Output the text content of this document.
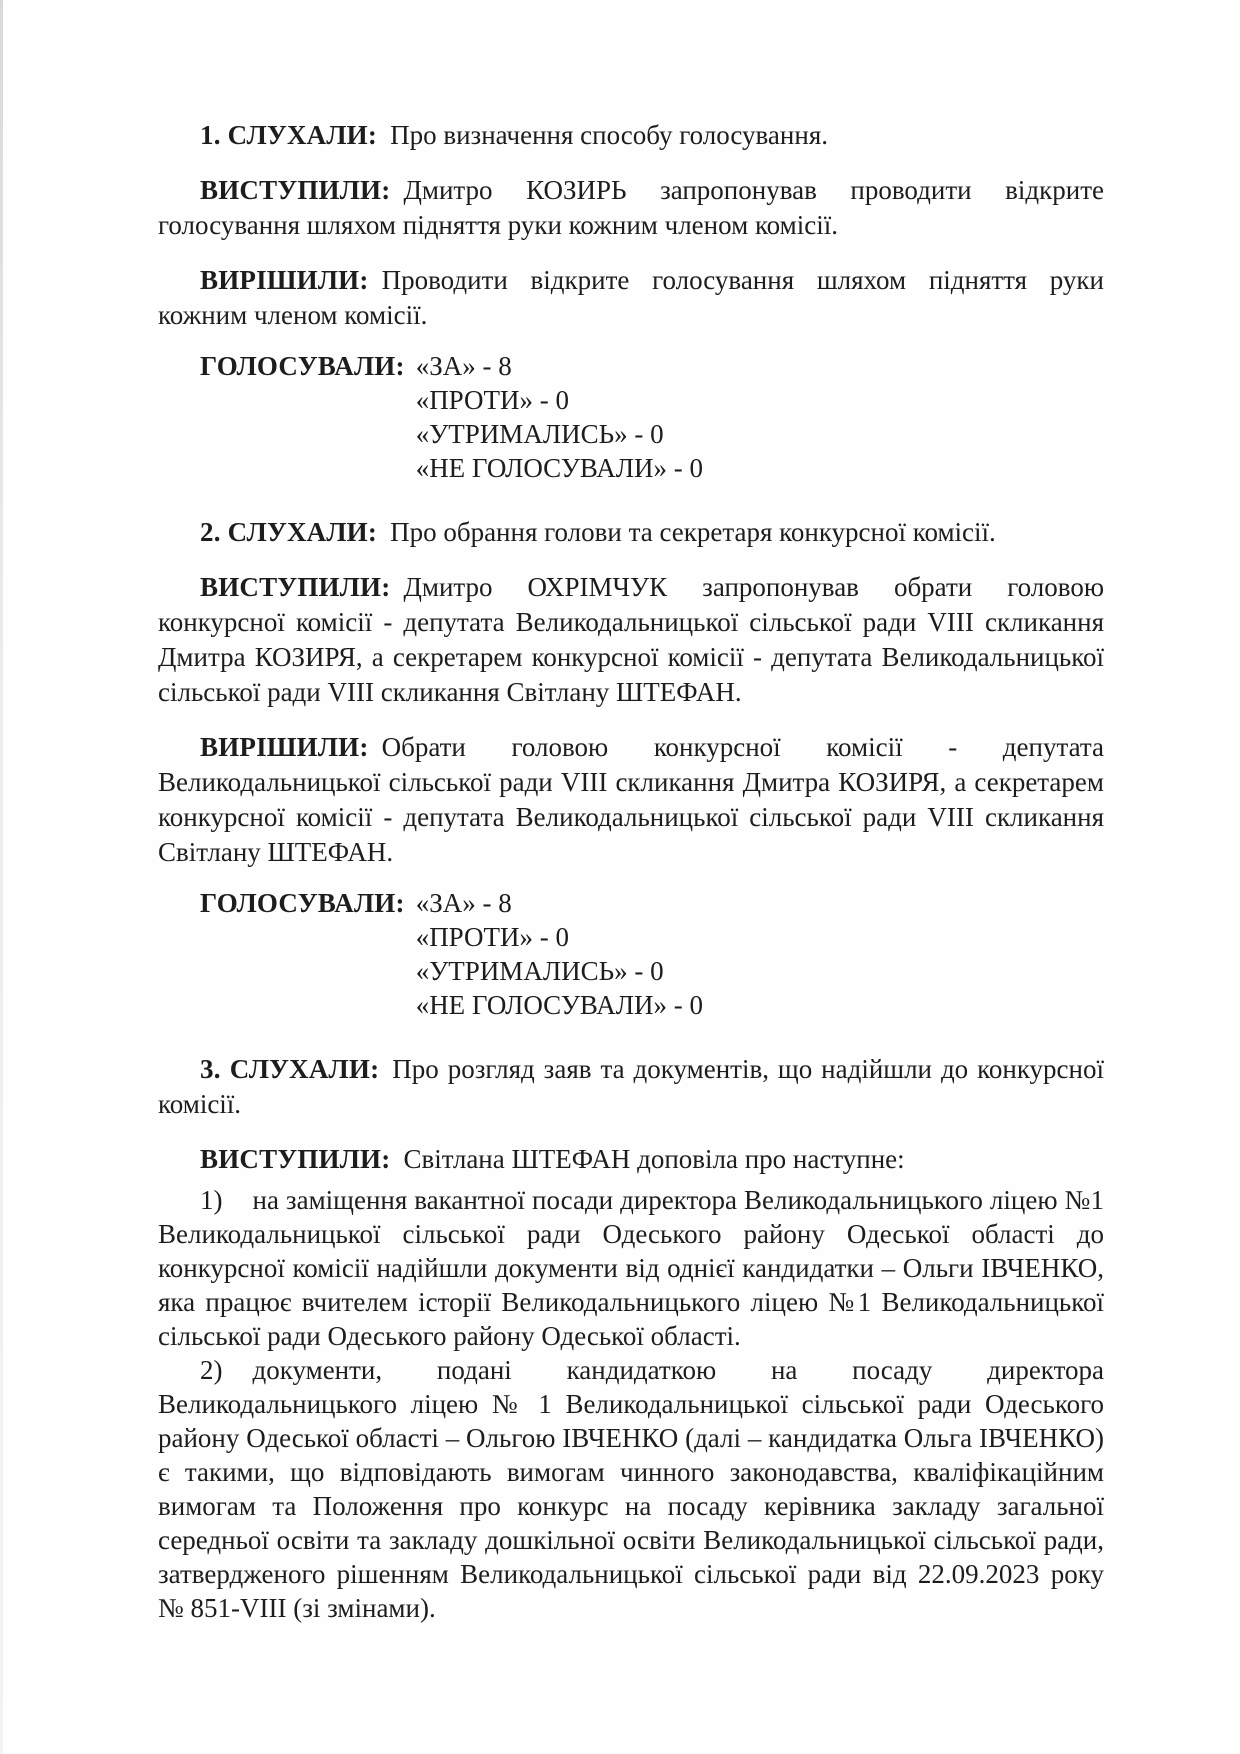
1. СЛУХАЛИ: Про визначення способу голосування.

ВИСТУПИЛИ: Дмитро КОЗИРЬ запропонував проводити відкрите голосування шляхом підняття руки кожним членом комісії.

ВИРІШИЛИ: Проводити відкрите голосування шляхом підняття руки кожним членом комісії.

ГОЛОСУВАЛИ: «ЗА» - 8
«ПРОТИ» - 0
«УТРИМАЛИСЬ» - 0
«НЕ ГОЛОСУВАЛИ» - 0

2. СЛУХАЛИ: Про обрання голови та секретаря конкурсної комісії.

ВИСТУПИЛИ: Дмитро ОХРІМЧУК запропонував обрати головою конкурсної комісії - депутата Великодальницької сільської ради VIII скликання Дмитра КОЗИРЯ, а секретарем конкурсної комісії - депутата Великодальницької сільської ради VIII скликання Світлану ШТЕФАН.

ВИРІШИЛИ: Обрати головою конкурсної комісії - депутата Великодальницької сільської ради VIII скликання Дмитра КОЗИРЯ, а секретарем конкурсної комісії - депутата Великодальницької сільської ради VIII скликання Світлану ШТЕФАН.

ГОЛОСУВАЛИ: «ЗА» - 8
«ПРОТИ» - 0
«УТРИМАЛИСЬ» - 0
«НЕ ГОЛОСУВАЛИ» - 0

3. СЛУХАЛИ: Про розгляд заяв та документів, що надійшли до конкурсної комісії.

ВИСТУПИЛИ: Світлана ШТЕФАН доповіла про наступне:

1) на заміщення вакантної посади директора Великодальницького ліцею №1 Великодальницької сільської ради Одеського району Одеської області до конкурсної комісії надійшли документи від однієї кандидатки – Ольги ІВЧЕНКО, яка працює вчителем історії Великодальницького ліцею №1 Великодальницької сільської ради Одеського району Одеської області.

2) документи, подані кандидаткою на посаду директора Великодальницького ліцею № 1 Великодальницької сільської ради Одеського району Одеської області – Ольгою ІВЧЕНКО (далі – кандидатка Ольга ІВЧЕНКО) є такими, що відповідають вимогам чинного законодавства, кваліфікаційним вимогам та Положення про конкурс на посаду керівника закладу загальної середньої освіти та закладу дошкільної освіти Великодальницької сільської ради, затвердженого рішенням Великодальницької сільської ради від 22.09.2023 року № 851-VIII (зі змінами).
